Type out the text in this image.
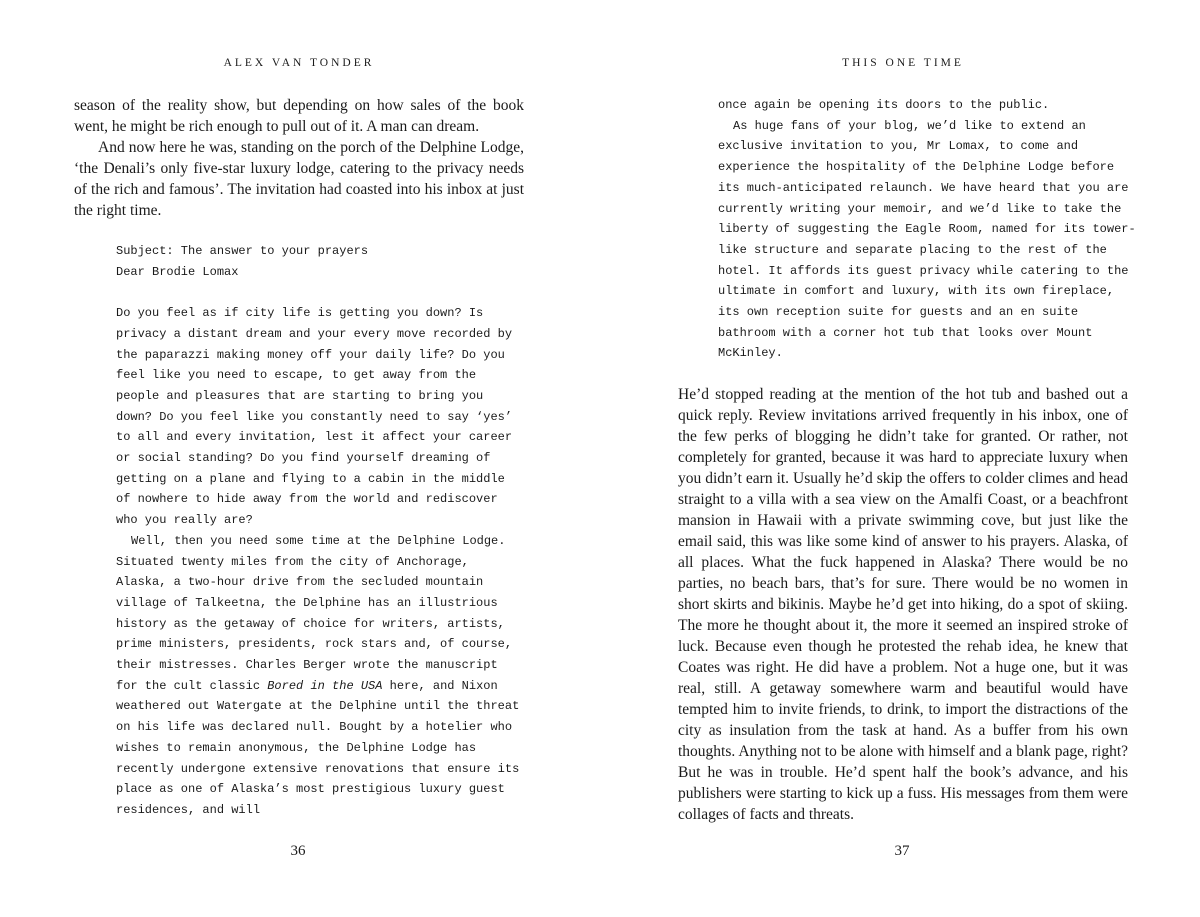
ALEX VAN TONDER

season of the reality show, but depending on how sales of the book went, he might be rich enough to pull out of it. A man can dream.

And now here he was, standing on the porch of the Delphine Lodge, ‘the Denali’s only five-star luxury lodge, catering to the privacy needs of the rich and famous’. The invitation had coasted into his inbox at just the right time.

Subject: The answer to your prayers

Dear Brodie Lomax

Do you feel as if city life is getting you down? Is privacy a distant dream and your every move recorded by the paparazzi making money off your daily life? Do you feel like you need to escape, to get away from the people and pleasures that are starting to bring you down? Do you feel like you constantly need to say ‘yes’ to all and every invitation, lest it affect your career or social standing? Do you find yourself dreaming of getting on a plane and flying to a cabin in the middle of nowhere to hide away from the world and rediscover who you really are?

Well, then you need some time at the Delphine Lodge. Situated twenty miles from the city of Anchorage, Alaska, a two-hour drive from the secluded mountain village of Talkeetna, the Delphine has an illustrious history as the getaway of choice for writers, artists, prime ministers, presidents, rock stars and, of course, their mistresses. Charles Berger wrote the manuscript for the cult classic Bored in the USA here, and Nixon weathered out Watergate at the Delphine until the threat on his life was declared null. Bought by a hotelier who wishes to remain anonymous, the Delphine Lodge has recently undergone extensive renovations that ensure its place as one of Alaska’s most prestigious luxury guest residences, and will

36
THIS ONE TIME

once again be opening its doors to the public.

As huge fans of your blog, we’d like to extend an exclusive invitation to you, Mr Lomax, to come and experience the hospitality of the Delphine Lodge before its much-anticipated relaunch. We have heard that you are currently writing your memoir, and we’d like to take the liberty of suggesting the Eagle Room, named for its tower-like structure and separate placing to the rest of the hotel. It affords its guest privacy while catering to the ultimate in comfort and luxury, with its own fireplace, its own reception suite for guests and an en suite bathroom with a corner hot tub that looks over Mount McKinley.

He’d stopped reading at the mention of the hot tub and bashed out a quick reply. Review invitations arrived frequently in his inbox, one of the few perks of blogging he didn’t take for granted. Or rather, not completely for granted, because it was hard to appreciate luxury when you didn’t earn it. Usually he’d skip the offers to colder climes and head straight to a villa with a sea view on the Amalfi Coast, or a beachfront mansion in Hawaii with a private swimming cove, but just like the email said, this was like some kind of answer to his prayers. Alaska, of all places. What the fuck happened in Alaska? There would be no parties, no beach bars, that’s for sure. There would be no women in short skirts and bikinis. Maybe he’d get into hiking, do a spot of skiing. The more he thought about it, the more it seemed an inspired stroke of luck. Because even though he protested the rehab idea, he knew that Coates was right. He did have a problem. Not a huge one, but it was real, still. A getaway somewhere warm and beautiful would have tempted him to invite friends, to drink, to import the distractions of the city as insulation from the task at hand. As a buffer from his own thoughts. Anything not to be alone with himself and a blank page, right? But he was in trouble. He’d spent half the book’s advance, and his publishers were starting to kick up a fuss. His messages from them were collages of facts and threats.

37
